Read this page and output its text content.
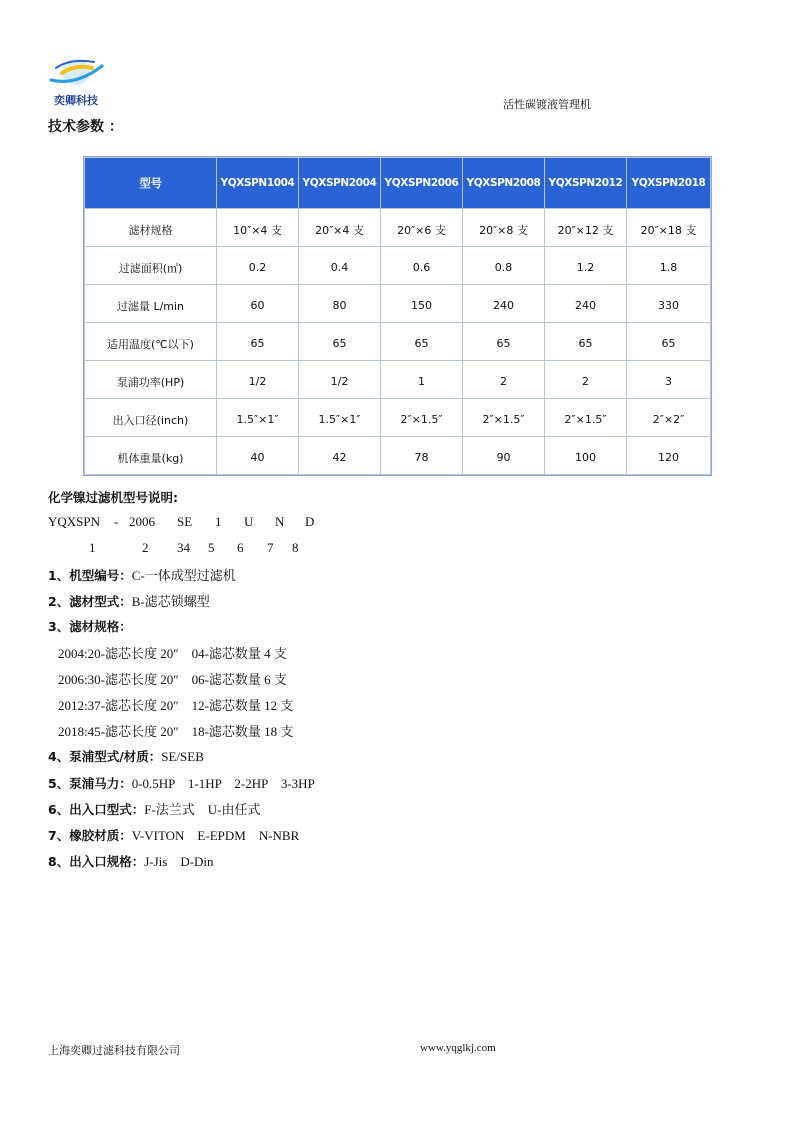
奕卿科技	活性碳镀液管理机
技术参数 ：
型号	YQXSPN1004	YQXSPN2004	YQXSPN2006	YQXSPN2008	YQXSPN2012	YQXSPN2018
滤材规格	10″×4 支	20″×4 支	20″×6 支	20″×8 支	20″×12 支	20″×18 支
过滤面积(㎡)	0.2	0.4	0.6	0.8	1.2	1.8
过滤量 L/min	60	80	150	240	240	330
适用温度(℃以下)	65	65	65	65	65	65
泵浦功率(HP)	1/2	1/2	1	2	2	3
出入口径(inch)	1.5″×1″	1.5″×1″	2″×1.5″	2″×1.5″	2″×1.5″	2″×2″
机体重量(kg)	40	42	78	90	100	120
化学镍过滤机型号说明:
YQXSPN - 2006 SE 1 U N D
1	2 34 5 6 7 8
1、机型编号：C-一体成型过滤机
2、滤材型式：B-滤芯锁螺型
3、滤材规格：
2004:20-滤芯长度 20″　04-滤芯数量 4 支
2006:30-滤芯长度 20″　06-滤芯数量 6 支
2012:37-滤芯长度 20″　12-滤芯数量 12 支
2018:45-滤芯长度 20″　18-滤芯数量 18 支
4、泵浦型式/材质：SE/SEB
5、泵浦马力：0-0.5HP　1-1HP　2-2HP　3-3HP
6、出入口型式：F-法兰式　U-由任式
7、橡胶材质：V-VITON　E-EPDM　N-NBR
8、出入口规格：J-Jis　D-Din
上海奕卿过滤科技有限公司	www.yqglkj.com
